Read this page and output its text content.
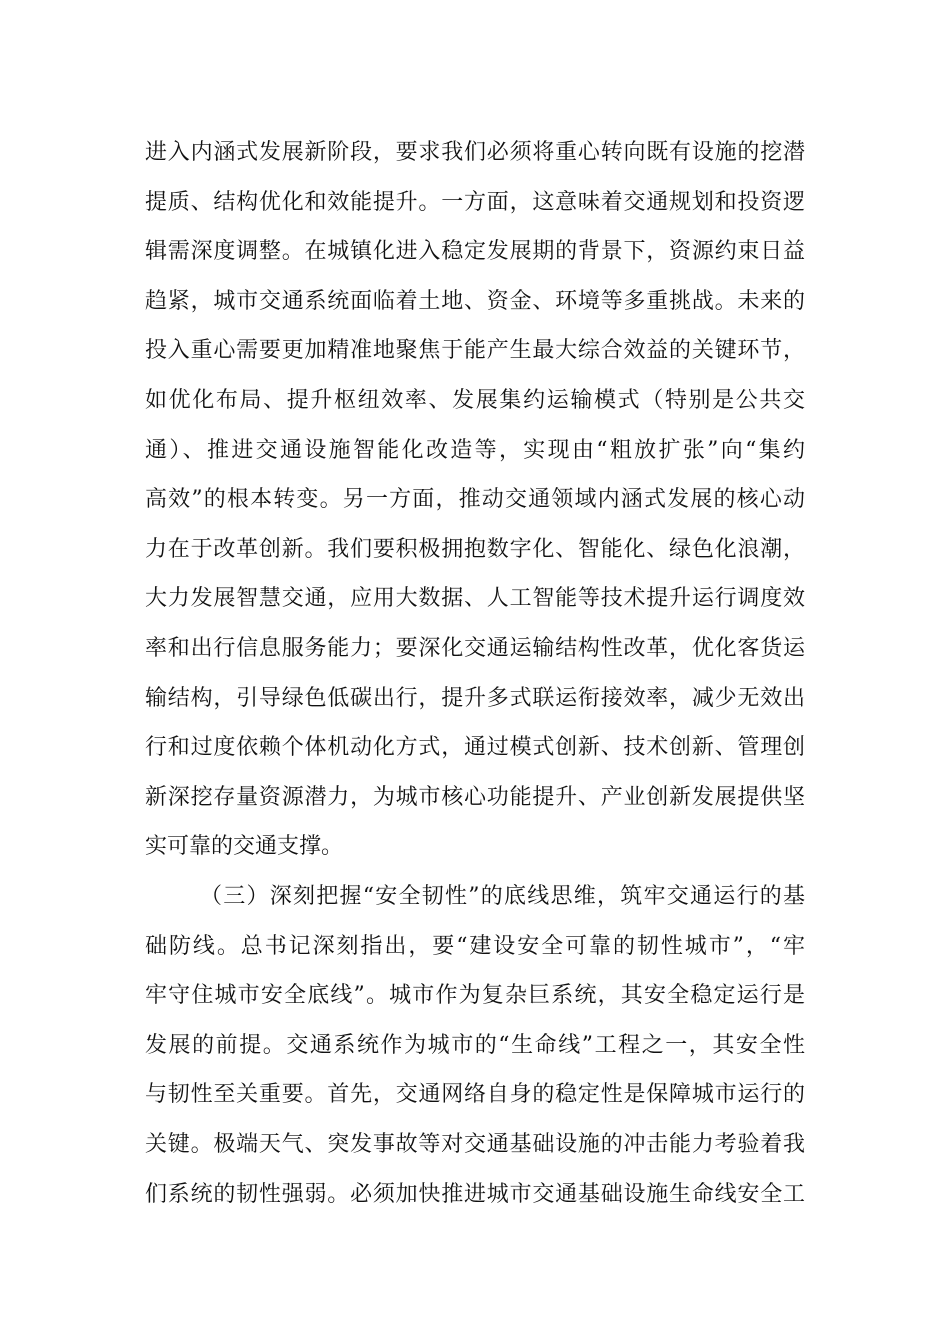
进入内涵式发展新阶段，要求我们必须将重心转向既有设施的挖潜
提质、结构优化和效能提升。一方面，这意味着交通规划和投资逻
辑需深度调整。在城镇化进入稳定发展期的背景下，资源约束日益
趋紧，城市交通系统面临着土地、资金、环境等多重挑战。未来的
投入重心需要更加精准地聚焦于能产生最大综合效益的关键环节，
如优化布局、提升枢纽效率、发展集约运输模式（特别是公共交
通）、推进交通设施智能化改造等，实现由“粗放扩张”向“集约
高效”的根本转变。另一方面，推动交通领域内涵式发展的核心动
力在于改革创新。我们要积极拥抱数字化、智能化、绿色化浪潮，
大力发展智慧交通，应用大数据、人工智能等技术提升运行调度效
率和出行信息服务能力；要深化交通运输结构性改革，优化客货运
输结构，引导绿色低碳出行，提升多式联运衔接效率，减少无效出
行和过度依赖个体机动化方式，通过模式创新、技术创新、管理创
新深挖存量资源潜力，为城市核心功能提升、产业创新发展提供坚
实可靠的交通支撑。
（三）深刻把握“安全韧性”的底线思维，筑牢交通运行的基
础防线。总书记深刻指出，要“建设安全可靠的韧性城市”，“牢
牢守住城市安全底线”。城市作为复杂巨系统，其安全稳定运行是
发展的前提。交通系统作为城市的“生命线”工程之一，其安全性
与韧性至关重要。首先，交通网络自身的稳定性是保障城市运行的
关键。极端天气、突发事故等对交通基础设施的冲击能力考验着我
们系统的韧性强弱。必须加快推进城市交通基础设施生命线安全工
